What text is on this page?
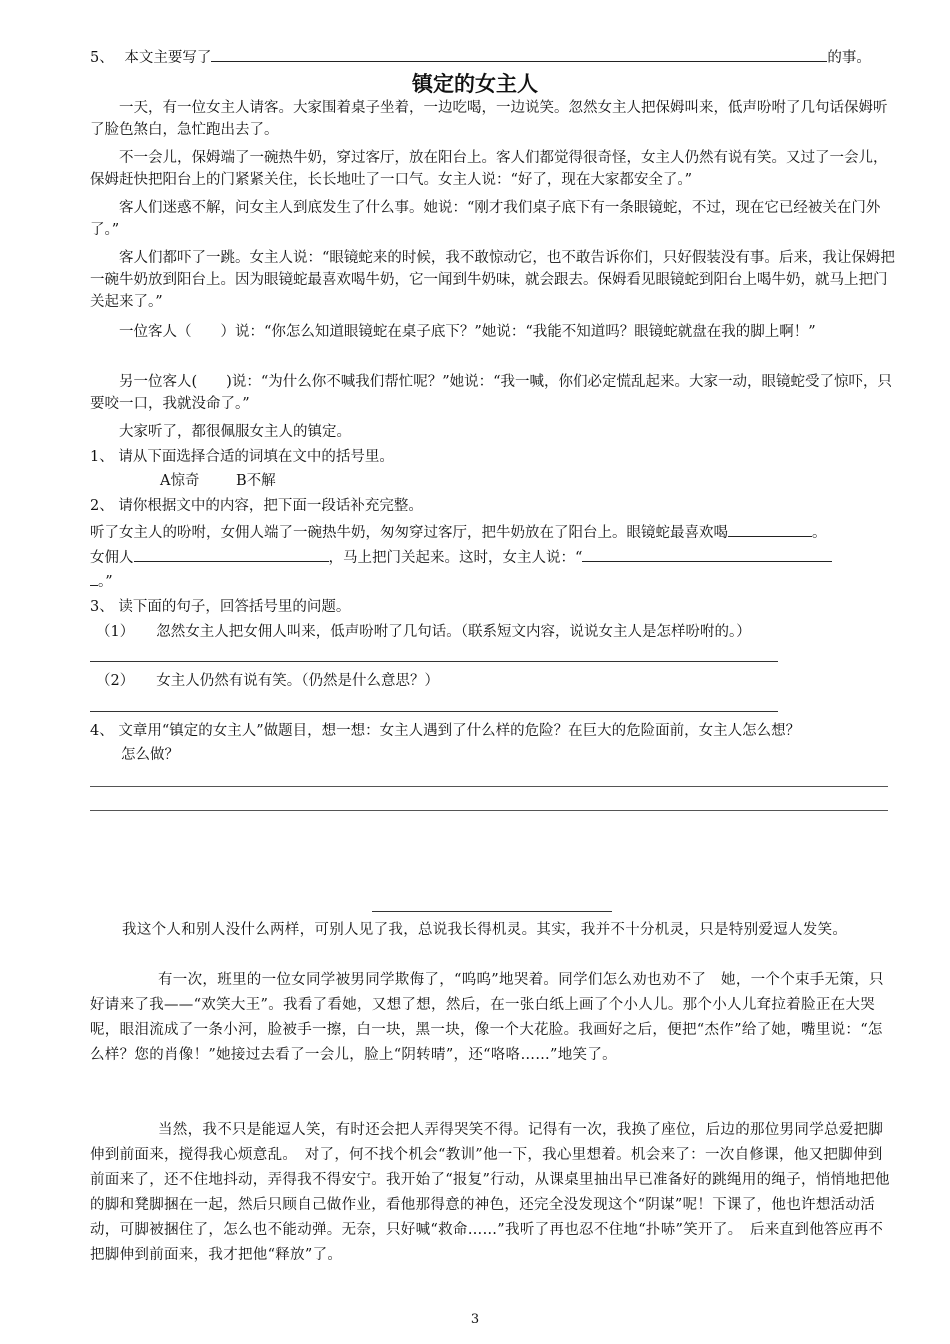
5、 本文主要写了	的事。
镇定的女主人

一天，有一位女主人请客。大家围着桌子坐着，一边吃喝，一边说笑。忽然女主人把保姆叫来，低声吩咐了几句话保姆听了脸色煞白，急忙跑出去了。

不一会儿，保姆端了一碗热牛奶，穿过客厅，放在阳台上。客人们都觉得很奇怪，女主人仍然有说有笑。又过了一会儿，保姆赶快把阳台上的门紧紧关住，长长地吐了一口气。女主人说：“好了，现在大家都安全了。”

客人们迷惑不解，问女主人到底发生了什么事。她说：“刚才我们桌子底下有一条眼镜蛇，不过，现在它已经被关在门外了。”

客人们都吓了一跳。女主人说：“眼镜蛇来的时候，我不敢惊动它，也不敢告诉你们，只好假装没有事。后来，我让保姆把一碗牛奶放到阳台上。因为眼镜蛇最喜欢喝牛奶，它一闻到牛奶味，就会跟去。保姆看见眼镜蛇到阳台上喝牛奶，就马上把门关起来了。”

一位客人（　　）说：“你怎么知道眼镜蛇在桌子底下？”她说：“我能不知道吗？眼镜蛇就盘在我的脚上啊！”

另一位客人(　　)说：“为什么你不喊我们帮忙呢？”她说：“我一喊，你们必定慌乱起来。大家一动，眼镜蛇受了惊吓，只要咬一口，我就没命了。”

大家听了，都很佩服女主人的镇定。

1、 请从下面选择合适的词填在文中的括号里。
A惊奇	B不解
2、 请你根据文中的内容，把下面一段话补充完整。
听了女主人的吩咐，女佣人端了一碗热牛奶，匆匆穿过客厅，把牛奶放在了阳台上。眼镜蛇最喜欢喝	。
女佣人	，马上把门关起来。这时，女主人说：“
。”
3、 读下面的句子，回答括号里的问题。
（1） 忽然女主人把女佣人叫来，低声吩咐了几句话。（联系短文内容，说说女主人是怎样吩咐的。）
（2） 女主人仍然有说有笑。（仍然是什么意思？）
4、 文章用“镇定的女主人”做题目，想一想：女主人遇到了什么样的危险？在巨大的危险面前，女主人怎么想？
怎么做？

我这个人和别人没什么两样，可别人见了我，总说我长得机灵。其实，我并不十分机灵，只是特别爱逗人发笑。

有一次，班里的一位女同学被男同学欺侮了，“呜呜”地哭着。同学们怎么劝也劝不了　她，一个个束手无策，只好请来了我——“欢笑大王”。我看了看她，又想了想，然后，在一张白纸上画了个小人儿。那个小人儿耷拉着脸正在大哭呢，眼泪流成了一条小河，脸被手一擦，白一块，黑一块，像一个大花脸。我画好之后，便把“杰作”给了她，嘴里说：“怎么样？您的肖像！”她接过去看了一会儿，脸上“阴转晴”，还“咯咯……”地笑了。

当然，我不只是能逗人笑，有时还会把人弄得哭笑不得。记得有一次，我换了座位，后边的那位男同学总爱把脚伸到前面来，搅得我心烦意乱。　对了，何不找个机会“教训”他一下，我心里想着。机会来了：一次自修课，他又把脚伸到前面来了，还不住地抖动，弄得我不得安宁。我开始了“报复”行动，从课桌里抽出早已准备好的跳绳用的绳子，悄悄地把他的脚和凳脚捆在一起，然后只顾自己做作业，看他那得意的神色，还完全没发现这个“阴谋”呢！下课了，他也许想活动活动，可脚被捆住了，怎么也不能动弹。无奈，只好喊“救命……”我听了再也忍不住地“扑哧”笑开了。　后来直到他答应再不把脚伸到前面来，我才把他“释放”了。

3
